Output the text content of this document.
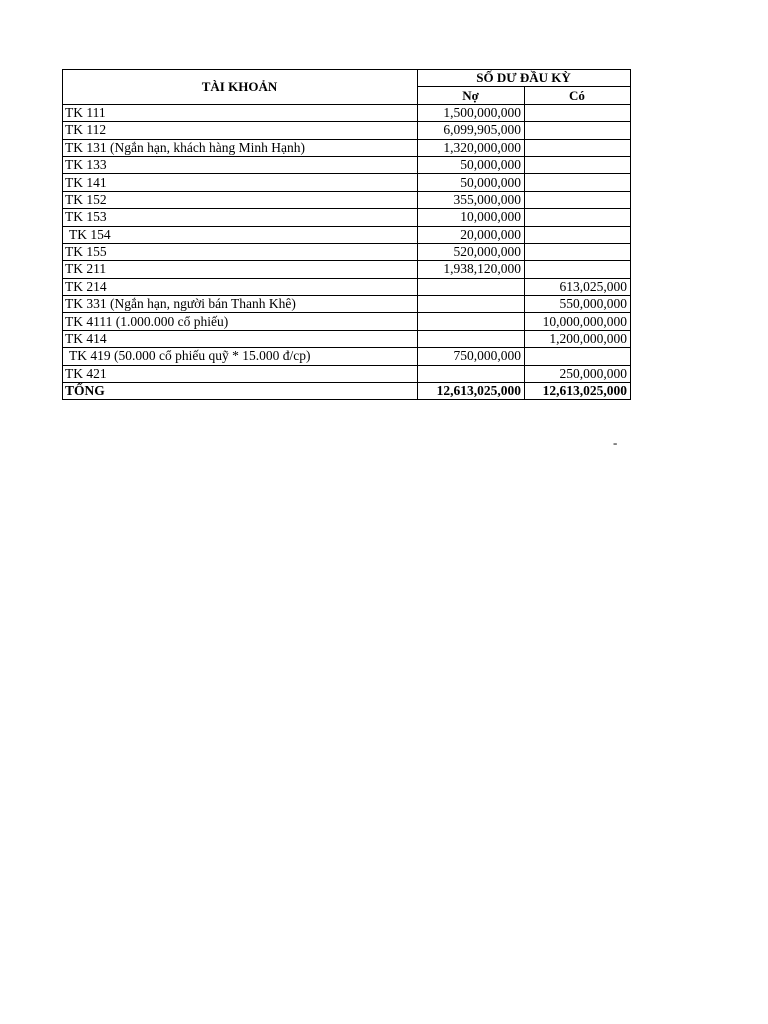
TÀI KHOẢN	SỐ DƯ ĐẦU KỲ	
	Nợ	Có
TK 111	1,500,000,000	
TK 112	6,099,905,000	
TK 131 (Ngắn hạn, khách hàng Minh Hạnh)	1,320,000,000	
TK 133	50,000,000	
TK 141	50,000,000	
TK 152	355,000,000	
TK 153	10,000,000	
TK 154	20,000,000	
TK 155	520,000,000	
TK 211	1,938,120,000	
TK 214		613,025,000
TK 331 (Ngắn hạn, người bán Thanh Khê)		550,000,000
TK 4111 (1.000.000 cổ phiếu)		10,000,000,000
TK 414		1,200,000,000
TK 419 (50.000 cổ phiếu quỹ * 15.000 đ/cp)	750,000,000	
TK 421		250,000,000
TỔNG	12,613,025,000	12,613,025,000
-
